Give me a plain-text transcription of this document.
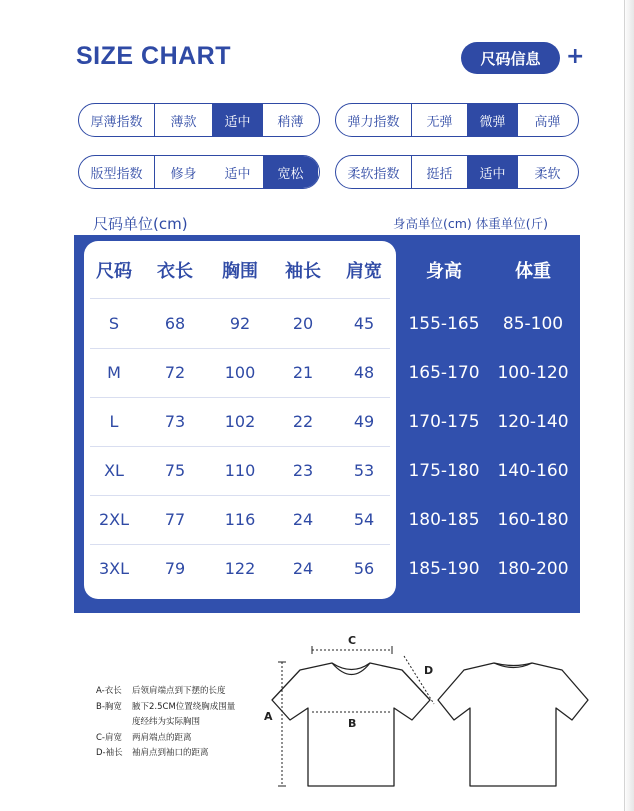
SIZE CHART	尺码信息	+
厚薄指数	薄款	适中	稍薄	弹力指数	无弹	微弹	高弹
版型指数	修身	适中	宽松	柔软指数	挺括	适中	柔软
尺码单位(cm)	身高单位(cm) 体重单位(斤)
尺码 衣长 胸围 袖长 肩宽 身高	体重
S	68	92	20	45 155-165 85-100
M	72 100 21	48 165-170 100-120
L	73 102 22	49 170-175 120-140
XL	75 110 23	53 175-180 140-160
2XL 77 116 24	54 180-185 160-180
3XL 79 122 24	56 185-190 180-200
A-衣长 后领肩端点到下摆的长度
B-胸宽 腋下2.5CM位置绕胸成围量
度经纬为实际胸围
C-肩宽 两肩端点的距离
D-袖长 袖肩点到袖口的距离
C
D
A
B
